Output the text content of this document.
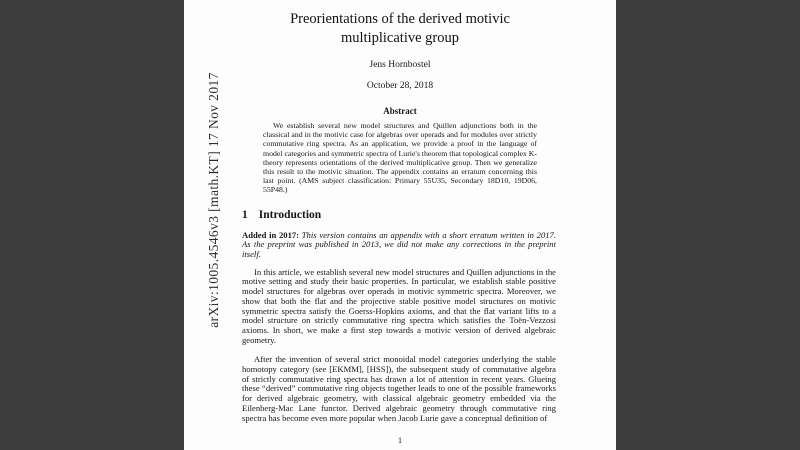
arXiv:1005.4546v3 [math.KT] 17 Nov 2017
Preorientations of the derived motivic multiplicative group
Jens Hornbostel
October 28, 2018
Abstract
We establish several new model structures and Quillen adjunctions both in the classical and in the motivic case for algebras over operads and for modules over strictly commutative ring spectra. As an application, we provide a proof in the language of model categories and symmetric spectra of Lurie's theorem that topological complex K-theory represents orientations of the derived multiplicative group. Then we generalize this result to the motivic situation. The appendix contains an erratum concerning this last point. (AMS subject classification: Primary 55U35, Secondary 18D10, 19D06, 55P48.)
1 Introduction
Added in 2017: This version contains an appendix with a short erratum written in 2017. As the preprint was published in 2013, we did not make any corrections in the preprint itself.
In this article, we establish several new model structures and Quillen adjunctions in the motive setting and study their basic properties. In particular, we establish stable positive model structures for algebras over operads in motivic symmetric spectra. Moreover, we show that both the flat and the projective stable positive model structures on motivic symmetric spectra satisfy the Goerss-Hopkins axioms, and that the flat variant lifts to a model structure on strictly commutative ring spectra which satisfies the Toën-Vezzosi axioms. In short, we make a first step towards a motivic version of derived algebraic geometry.
After the invention of several strict monoidal model categories underlying the stable homotopy category (see [EKMM], [HSS]), the subsequent study of commutative algebra of strictly commutative ring spectra has drawn a lot of attention in recent years. Glueing these “derived” commutative ring objects together leads to one of the possible frameworks for derived algebraic geometry, with classical algebraic geometry embedded via the Eilenberg-Mac Lane functor. Derived algebraic geometry through commutative ring spectra has become even more popular when Jacob Lurie gave a conceptual definition of
1
